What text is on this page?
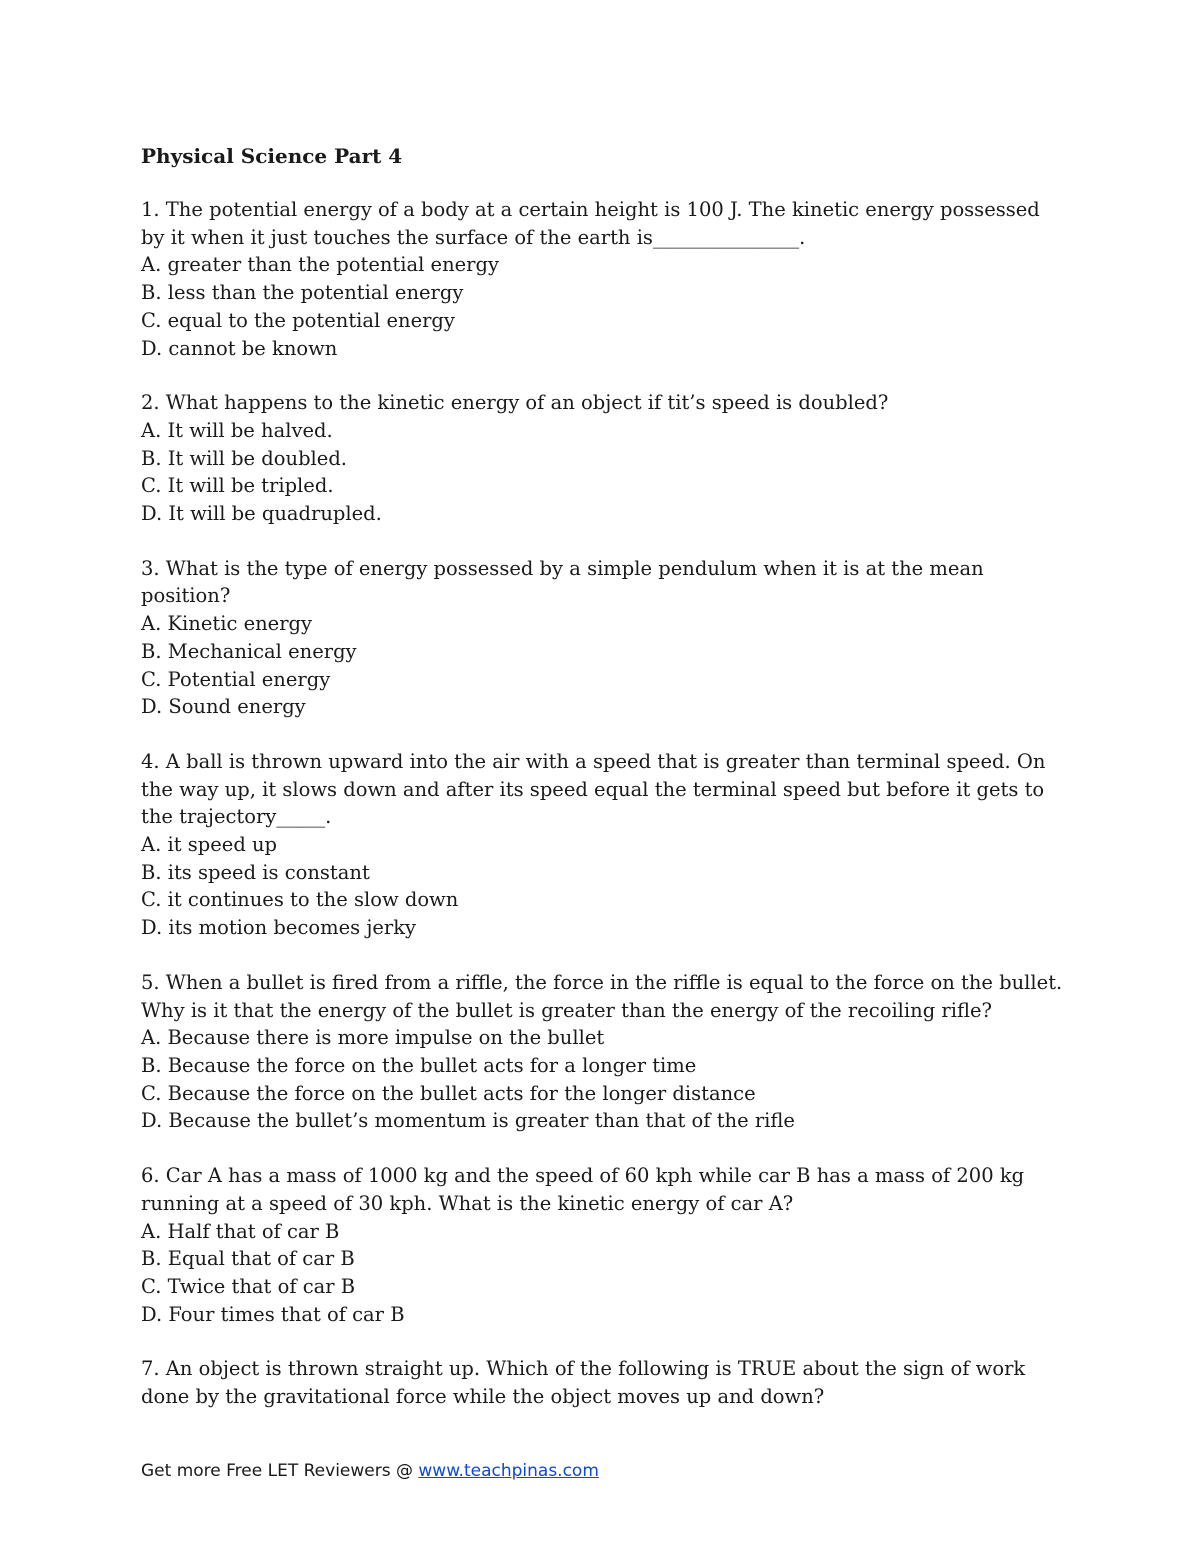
Physical Science Part 4
1. The potential energy of a body at a certain height is 100 J. The kinetic energy possessed
by it when it just touches the surface of the earth is_______________.
A. greater than the potential energy
B. less than the potential energy
C. equal to the potential energy
D. cannot be known
2. What happens to the kinetic energy of an object if tit’s speed is doubled?
A. It will be halved.
B. It will be doubled.
C. It will be tripled.
D. It will be quadrupled.
3. What is the type of energy possessed by a simple pendulum when it is at the mean
position?
A. Kinetic energy
B. Mechanical energy
C. Potential energy
D. Sound energy
4. A ball is thrown upward into the air with a speed that is greater than terminal speed. On
the way up, it slows down and after its speed equal the terminal speed but before it gets to
the trajectory_____.
A. it speed up
B. its speed is constant
C. it continues to the slow down
D. its motion becomes jerky
5. When a bullet is fired from a riffle, the force in the riffle is equal to the force on the bullet.
Why is it that the energy of the bullet is greater than the energy of the recoiling rifle?
A. Because there is more impulse on the bullet
B. Because the force on the bullet acts for a longer time
C. Because the force on the bullet acts for the longer distance
D. Because the bullet’s momentum is greater than that of the rifle
6. Car A has a mass of 1000 kg and the speed of 60 kph while car B has a mass of 200 kg
running at a speed of 30 kph. What is the kinetic energy of car A?
A. Half that of car B
B. Equal that of car B
C. Twice that of car B
D. Four times that of car B
7. An object is thrown straight up. Which of the following is TRUE about the sign of work
done by the gravitational force while the object moves up and down?
Get more Free LET Reviewers @ www.teachpinas.com
